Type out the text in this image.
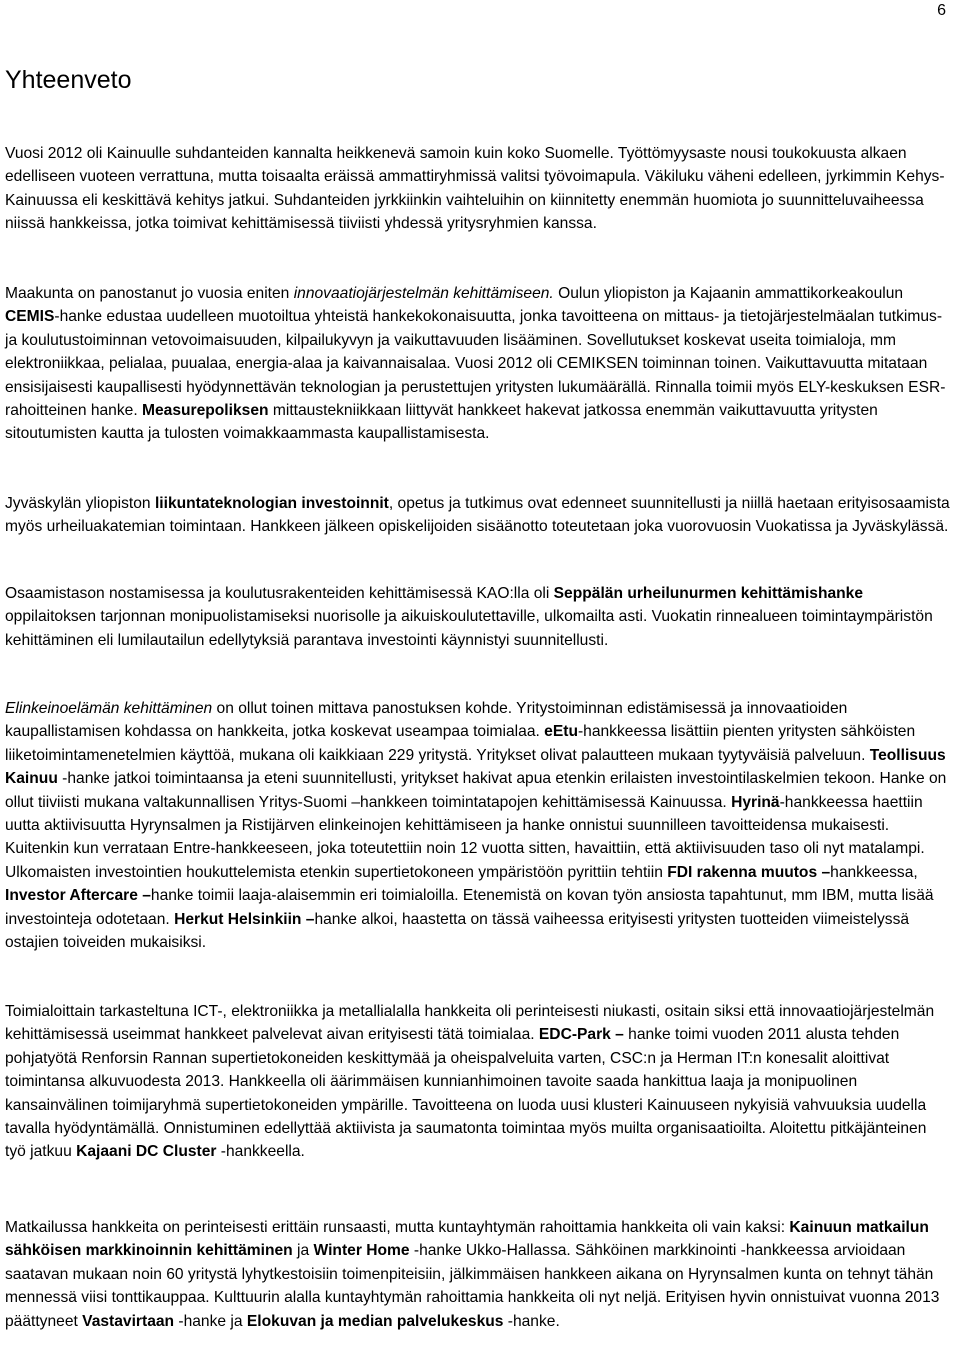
6
Yhteenveto

Vuosi 2012 oli Kainuulle suhdanteiden kannalta heikkenevä samoin kuin koko Suomelle. Työttömyysaste nousi toukokuusta alkaen edelliseen vuoteen verrattuna, mutta toisaalta eräissä ammattiryhmissä valitsi työvoimapula. Väkiluku väheni edelleen, jyrkimmin Kehys-Kainuussa eli keskittävä kehitys jatkui. Suhdanteiden jyrkkiinkin vaihteluihin on kiinnitetty enemmän huomiota jo suunnitteluvaiheessa niissä hankkeissa, jotka toimivat kehittämisessä tiiviisti yhdessä yritysryhmien kanssa.

Maakunta on panostanut jo vuosia eniten innovaatiojärjestelmän kehittämiseen. Oulun yliopiston ja Kajaanin ammattikorkeakoulun CEMIS-hanke edustaa uudelleen muotoiltua yhteistä hankekokonaisuutta, jonka tavoitteena on mittaus- ja tietojärjestelmäalan tutkimus- ja koulutustoiminnan vetovoimaisuuden, kilpailukyvyn ja vaikuttavuuden lisääminen. Sovellutukset koskevat useita toimialoja, mm elektroniikkaa, pelialaa, puualaa, energia-alaa ja kaivannaisalaa. Vuosi 2012 oli CEMIKSEN toiminnan toinen. Vaikuttavuutta mitataan ensisijaisesti kaupallisesti hyödynnettävän teknologian ja perustettujen yritysten lukumäärällä. Rinnalla toimii myös ELY-keskuksen ESR-rahoitteinen hanke. Measurepoliksen mittaustekniikkaan liittyvät hankkeet hakevat jatkossa enemmän vaikuttavuutta yritysten sitoutumisten kautta ja tulosten voimakkaammasta kaupallistamisesta.

Jyväskylän yliopiston liikuntateknologian investoinnit, opetus ja tutkimus ovat edenneet suunnitellusti ja niillä haetaan erityisosaamista myös urheiluakatemian toimintaan. Hankkeen jälkeen opiskelijoiden sisäänotto toteutetaan joka vuorovuosin Vuokatissa ja Jyväskylässä.

Osaamistason nostamisessa ja koulutusrakenteiden kehittämisessä KAO:lla oli Seppälän urheilunurmen kehittämishanke oppilaitoksen tarjonnan monipuolistamiseksi nuorisolle ja aikuiskoulutettaville, ulkomailta asti. Vuokatin rinnealueen toimintaympäristön kehittäminen eli lumilautailun edellytyksiä parantava investointi käynnistyi suunnitellusti.

Elinkeinoelämän kehittäminen on ollut toinen mittava panostuksen kohde. Yritystoiminnan edistämisessä ja innovaatioiden kaupallistamisen kohdassa on hankkeita, jotka koskevat useampaa toimialaa. eEtu-hankkeessa lisättiin pienten yritysten sähköisten liiketoimintamenetelmien käyttöä, mukana oli kaikkiaan 229 yritystä. Yritykset olivat palautteen mukaan tyytyväisiä palveluun. Teollisuus Kainuu -hanke jatkoi toimintaansa ja eteni suunnitellusti, yritykset hakivat apua etenkin erilaisten investointilaskelmien tekoon. Hanke on ollut tiiviisti mukana valtakunnallisen Yritys-Suomi –hankkeen toimintatapojen kehittämisessä Kainuussa. Hyrinä-hankkeessa haettiin uutta aktiivisuutta Hyrynsalmen ja Ristijärven elinkeinojen kehittämiseen ja hanke onnistui suunnilleen tavoitteidensa mukaisesti. Kuitenkin kun verrataan Entre-hankkeeseen, joka toteutettiin noin 12 vuotta sitten, havaittiin, että aktiivisuuden taso oli nyt matalampi. Ulkomaisten investointien houkuttelemista etenkin supertietokoneen ympäristöön pyrittiin tehtiin FDI rakenna muutos –hankkeessa, Investor Aftercare –hanke toimii laaja-alaisemmin eri toimialoilla. Etenemistä on kovan työn ansiosta tapahtunut, mm IBM, mutta lisää investointeja odotetaan. Herkut Helsinkiin –hanke alkoi, haastetta on tässä vaiheessa erityisesti yritysten tuotteiden viimeistelyssä ostajien toiveiden mukaisiksi.

Toimialoittain tarkasteltuna ICT-, elektroniikka ja metallialalla hankkeita oli perinteisesti niukasti, ositain siksi että innovaatiojärjestelmän kehittämisessä useimmat hankkeet palvelevat aivan erityisesti tätä toimialaa. EDC-Park – hanke toimi vuoden 2011 alusta tehden pohjatyötä Renforsin Rannan supertietokoneiden keskittymää ja oheispalveluita varten, CSC:n ja Herman IT:n konesalit aloittivat toimintansa alkuvuodesta 2013. Hankkeella oli äärimmäisen kunnianhimoinen tavoite saada hankittua laaja ja monipuolinen kansainvälinen toimijaryhmä supertietokoneiden ympärille. Tavoitteena on luoda uusi klusteri Kainuuseen nykyisiä vahvuuksia uudella tavalla hyödyntämällä. Onnistuminen edellyttää aktiivista ja saumatonta toimintaa myös muilta organisaatioilta. Aloitettu pitkäjänteinen työ jatkuu Kajaani DC Cluster -hankkeella.

Matkailussa hankkeita on perinteisesti erittäin runsaasti, mutta kuntayhtymän rahoittamia hankkeita oli vain kaksi: Kainuun matkailun sähköisen markkinoinnin kehittäminen ja Winter Home -hanke Ukko-Hallassa. Sähköinen markkinointi -hankkeessa arvioidaan saatavan mukaan noin 60 yritystä lyhytkestoisiin toimenpiteisiin, jälkimmäisen hankkeen aikana on Hyrynsalmen kunta on tehnyt tähän mennessä viisi tonttikauppaa. Kulttuurin alalla kuntayhtymän rahoittamia hankkeita oli nyt neljä. Erityisen hyvin onnistuivat vuonna 2013 päättyneet Vastavirtaan -hanke ja Elokuvan ja median palvelukeskus -hanke.
